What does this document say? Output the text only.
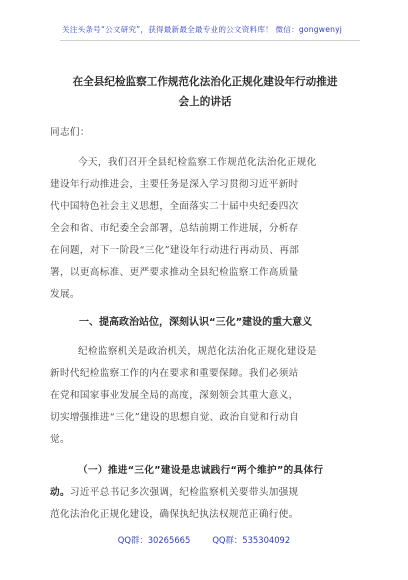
关注头条号“公文研究”，获得最新最全最专业的公文资料库！ 微信：gongwenyj
在全县纪检监察工作规范化法治化正规化建设年行动推进
会上的讲话
同志们：
今天，我们召开全县纪检监察工作规范化法治化正规化
建设年行动推进会，主要任务是深入学习贯彻习近平新时
代中国特色社会主义思想，全面落实二十届中央纪委四次
全会和省、市纪委全会部署，总结前期工作进展，分析存
在问题，对下一阶段“三化”建设年行动进行再动员、再部
署，以更高标准、更严要求推动全县纪检监察工作高质量
发展。
一、提高政治站位，深刻认识“三化”建设的重大意义
纪检监察机关是政治机关，规范化法治化正规化建设是
新时代纪检监察工作的内在要求和重要保障。我们必须站
在党和国家事业发展全局的高度，深刻领会其重大意义，
切实增强推进“三化”建设的思想自觉、政治自觉和行动自
觉。
（一）推进“三化”建设是忠诚践行“两个维护”的具体行
动。习近平总书记多次强调，纪检监察机关要带头加强规
范化法治化正规化建设，确保执纪执法权规范正确行使。
QQ群：30265665	QQ群：535304092
